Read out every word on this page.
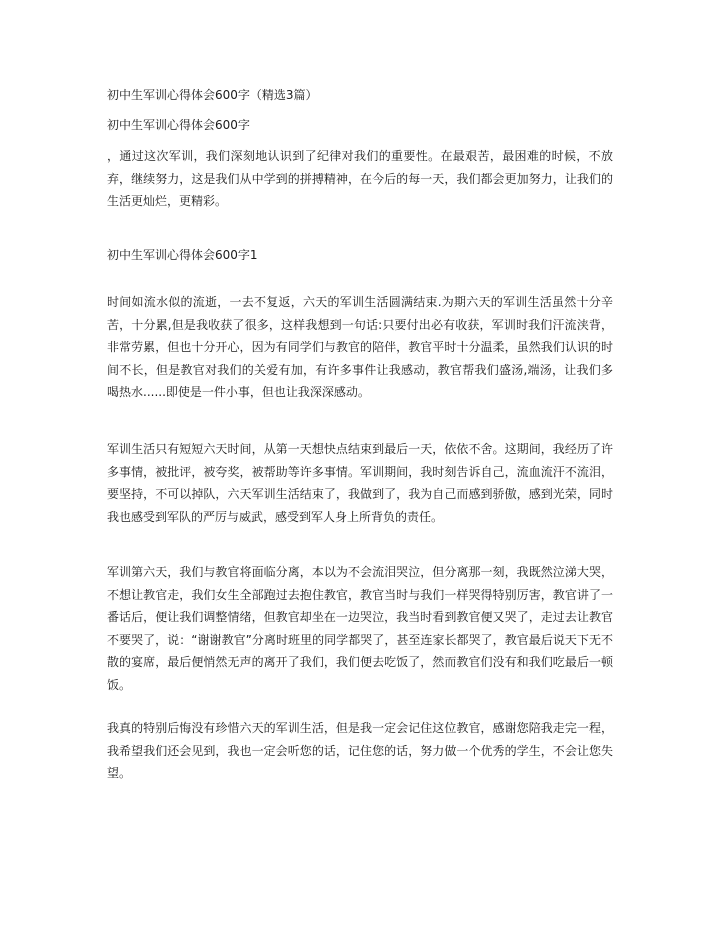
初中生军训心得体会600字（精选3篇）
初中生军训心得体会600字
，通过这次军训，我们深刻地认识到了纪律对我们的重要性。在最艰苦，最困难的时候，不放弃，继续努力，这是我们从中学到的拼搏精神，在今后的每一天，我们都会更加努力，让我们的生活更灿烂，更精彩。
初中生军训心得体会600字1
时间如流水似的流逝，一去不复返，六天的军训生活圆满结束.为期六天的军训生活虽然十分辛苦，十分累,但是我收获了很多，这样我想到一句话:只要付出必有收获，军训时我们汗流浃背，非常劳累，但也十分开心，因为有同学们与教官的陪伴，教官平时十分温柔，虽然我们认识的时间不长，但是教官对我们的关爱有加，有许多事件让我感动，教官帮我们盛汤,端汤，让我们多喝热水......即使是一件小事，但也让我深深感动。
军训生活只有短短六天时间，从第一天想快点结束到最后一天，依依不舍。这期间，我经历了许多事情，被批评，被夸奖，被帮助等许多事情。军训期间，我时刻告诉自己，流血流汗不流泪，要坚持，不可以掉队，六天军训生活结束了，我做到了，我为自己而感到骄傲，感到光荣，同时我也感受到军队的严厉与威武，感受到军人身上所背负的责任。
军训第六天，我们与教官将面临分离，本以为不会流泪哭泣，但分离那一刻，我既然泣涕大哭，不想让教官走，我们女生全部跑过去抱住教官，教官当时与我们一样哭得特别厉害，教官讲了一番话后，便让我们调整情绪，但教官却坐在一边哭泣，我当时看到教官便又哭了，走过去让教官不要哭了，说：“谢谢教官”分离时班里的同学都哭了，甚至连家长都哭了，教官最后说天下无不散的宴席，最后便悄然无声的离开了我们，我们便去吃饭了，然而教官们没有和我们吃最后一顿饭。
我真的特别后悔没有珍惜六天的军训生活，但是我一定会记住这位教官，感谢您陪我走完一程，我希望我们还会见到，我也一定会听您的话，记住您的话，努力做一个优秀的学生，不会让您失望。
